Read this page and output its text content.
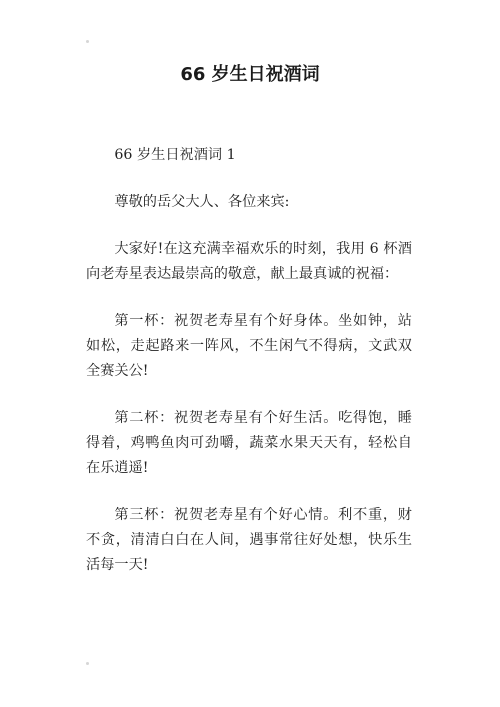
66 岁生日祝酒词

66 岁生日祝酒词 1

尊敬的岳父大人、各位来宾:

大家好!在这充满幸福欢乐的时刻，我用 6 杯酒向老寿星表达最崇高的敬意，献上最真诚的祝福：

第一杯：祝贺老寿星有个好身体。坐如钟，站如松，走起路来一阵风，不生闲气不得病，文武双全赛关公!

第二杯：祝贺老寿星有个好生活。吃得饱，睡得着，鸡鸭鱼肉可劲嚼，蔬菜水果天天有，轻松自在乐逍遥!

第三杯：祝贺老寿星有个好心情。利不重，财不贪，清清白白在人间，遇事常往好处想，快乐生活每一天!
